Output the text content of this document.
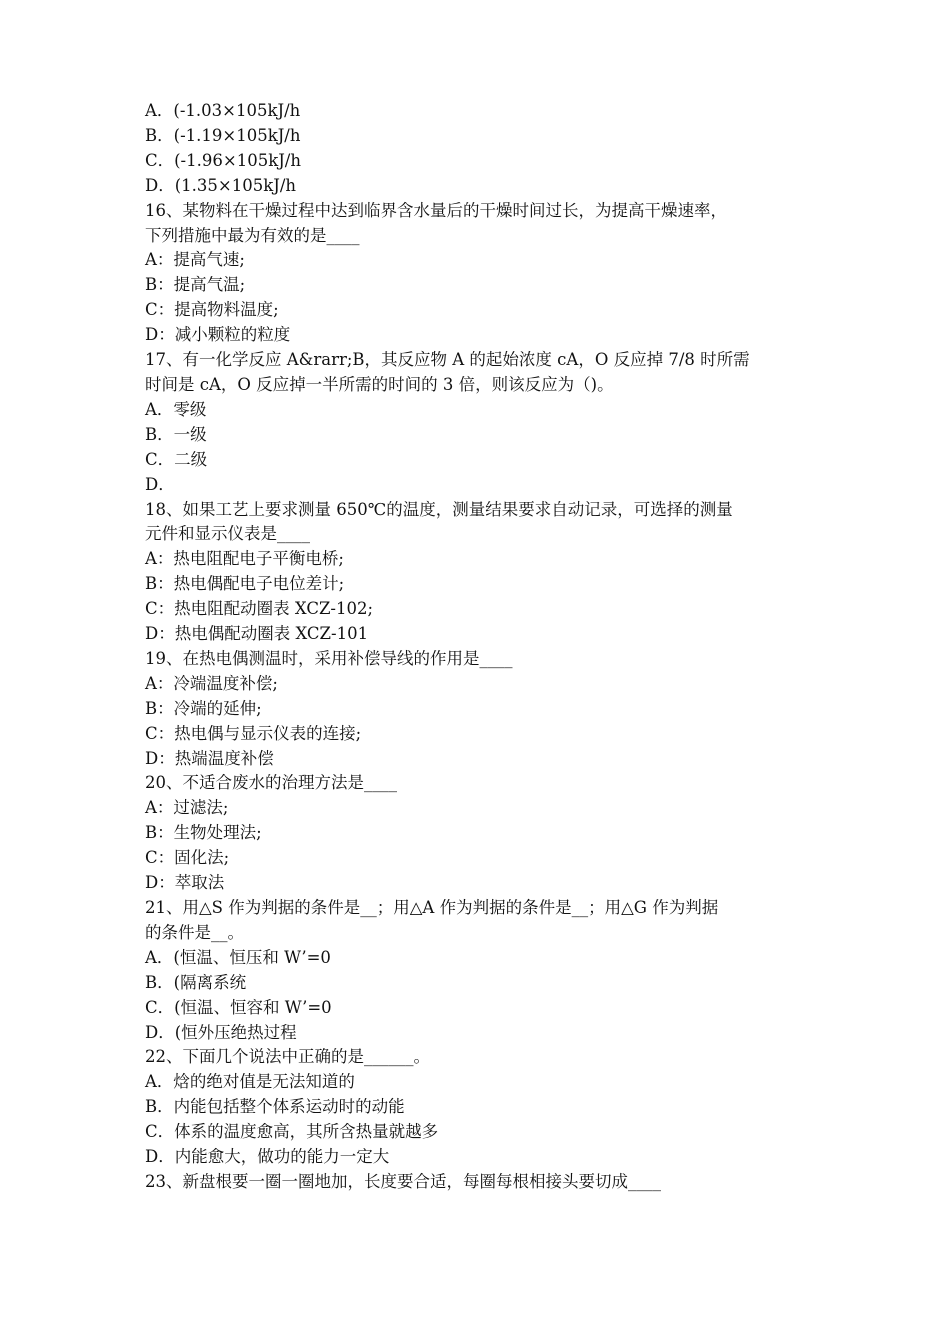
A．(-1.03×105kJ/h

B．(-1.19×105kJ/h

C．(-1.96×105kJ/h

D．(1.35×105kJ/h

16、某物料在干燥过程中达到临界含水量后的干燥时间过长，为提高干燥速率，

下列措施中最为有效的是____

A：提高气速;

B：提高气温;

C：提高物料温度;

D：减小颗粒的粒度

17、有一化学反应 A&rarr;B，其反应物 A 的起始浓度 cA，O 反应掉 7/8 时所需

时间是 cA，O 反应掉一半所需的时间的 3 倍，则该反应为（)。

A．零级

B．一级

C．二级

D．

18、如果工艺上要求测量 650℃的温度，测量结果要求自动记录，可选择的测量

元件和显示仪表是____

A：热电阻配电子平衡电桥;

B：热电偶配电子电位差计;

C：热电阻配动圈表 XCZ-102;

D：热电偶配动圈表 XCZ-101

19、在热电偶测温时，采用补偿导线的作用是____

A：冷端温度补偿;

B：冷端的延伸;

C：热电偶与显示仪表的连接;

D：热端温度补偿

20、不适合废水的治理方法是____

A：过滤法;

B：生物处理法;

C：固化法;

D：萃取法

21、用△S 作为判据的条件是__；用△A 作为判据的条件是__；用△G 作为判据

的条件是__。

A．(恒温、恒压和 W’=0

B．(隔离系统

C．(恒温、恒容和 W’=0

D．(恒外压绝热过程

22、下面几个说法中正确的是______。

A．焓的绝对值是无法知道的

B．内能包括整个体系运动时的动能

C．体系的温度愈高，其所含热量就越多

D．内能愈大，做功的能力一定大

23、新盘根要一圈一圈地加，长度要合适，每圈每根相接头要切成____
